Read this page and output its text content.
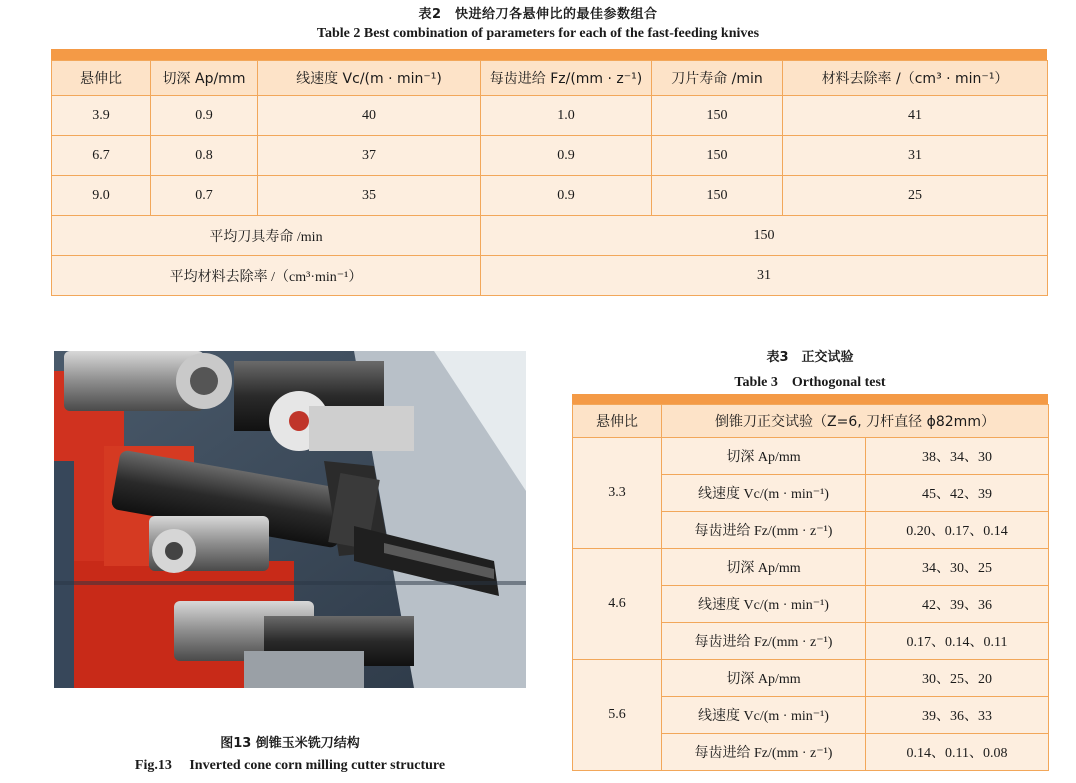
表2　快进给刀各悬伸比的最佳参数组合
Table 2 Best combination of parameters for each of the fast-feeding knives
悬伸比	切深 Ap/mm	线速度 Vc/(m · min⁻¹)	每齿进给 Fz/(mm · z⁻¹)	刀片寿命 /min	材料去除率 /（cm³ · min⁻¹）
3.9	0.9	40	1.0	150	41
6.7	0.8	37	0.9	150	31
9.0	0.7	35	0.9	150	25
平均刀具寿命 /min			150		
平均材料去除率 /（cm³·min⁻¹）			31		
图13 倒锥玉米铣刀结构
Fig.13　 Inverted cone corn milling cutter structure
表3　正交试验
Table 3　Orthogonal test
悬伸比	倒锥刀正交试验（Z=6, 刀杆直径 ϕ82mm）	
3.3	切深 Ap/mm	38、34、30
	线速度 Vc/(m · min⁻¹)	45、42、39
	每齿进给 Fz/(mm · z⁻¹)	0.20、0.17、0.14
4.6	切深 Ap/mm	34、30、25
	线速度 Vc/(m · min⁻¹)	42、39、36
	每齿进给 Fz/(mm · z⁻¹)	0.17、0.14、0.11
5.6	切深 Ap/mm	30、25、20
	线速度 Vc/(m · min⁻¹)	39、36、33
	每齿进给 Fz/(mm · z⁻¹)	0.14、0.11、0.08
